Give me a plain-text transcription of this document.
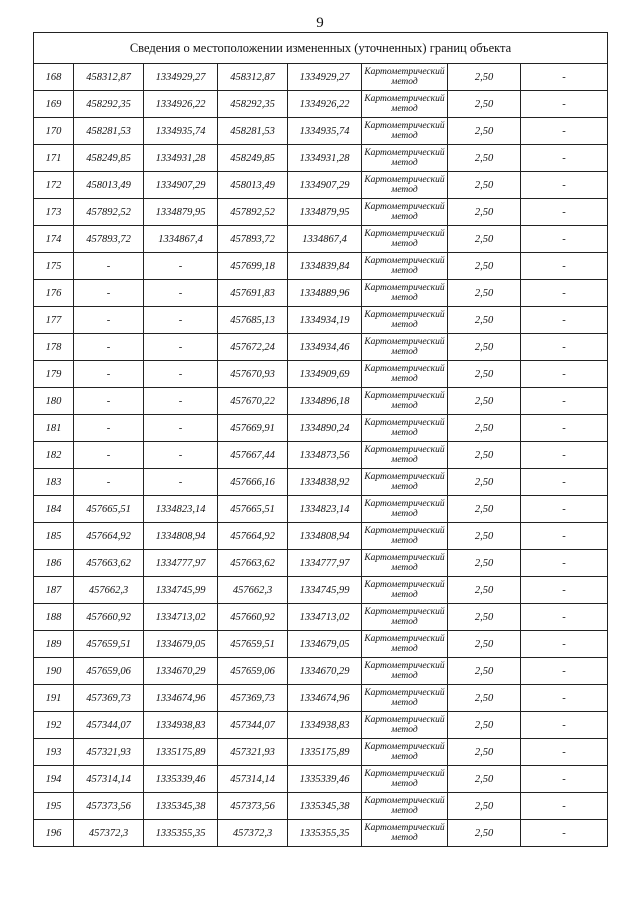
9
Сведения о местоположении измененных (уточненных) границ объекта							
168	458312,87	1334929,27	458312,87	1334929,27	Картометрический
метод	2,50	-
169	458292,35	1334926,22	458292,35	1334926,22	Картометрический
метод	2,50	-
170	458281,53	1334935,74	458281,53	1334935,74	Картометрический
метод	2,50	-
171	458249,85	1334931,28	458249,85	1334931,28	Картометрический
метод	2,50	-
172	458013,49	1334907,29	458013,49	1334907,29	Картометрический
метод	2,50	-
173	457892,52	1334879,95	457892,52	1334879,95	Картометрический
метод	2,50	-
174	457893,72	1334867,4	457893,72	1334867,4	Картометрический
метод	2,50	-
175	-	-	457699,18	1334839,84	Картометрический
метод	2,50	-
176	-	-	457691,83	1334889,96	Картометрический
метод	2,50	-
177	-	-	457685,13	1334934,19	Картометрический
метод	2,50	-
178	-	-	457672,24	1334934,46	Картометрический
метод	2,50	-
179	-	-	457670,93	1334909,69	Картометрический
метод	2,50	-
180	-	-	457670,22	1334896,18	Картометрический
метод	2,50	-
181	-	-	457669,91	1334890,24	Картометрический
метод	2,50	-
182	-	-	457667,44	1334873,56	Картометрический
метод	2,50	-
183	-	-	457666,16	1334838,92	Картометрический
метод	2,50	-
184	457665,51	1334823,14	457665,51	1334823,14	Картометрический
метод	2,50	-
185	457664,92	1334808,94	457664,92	1334808,94	Картометрический
метод	2,50	-
186	457663,62	1334777,97	457663,62	1334777,97	Картометрический
метод	2,50	-
187	457662,3	1334745,99	457662,3	1334745,99	Картометрический
метод	2,50	-
188	457660,92	1334713,02	457660,92	1334713,02	Картометрический
метод	2,50	-
189	457659,51	1334679,05	457659,51	1334679,05	Картометрический
метод	2,50	-
190	457659,06	1334670,29	457659,06	1334670,29	Картометрический
метод	2,50	-
191	457369,73	1334674,96	457369,73	1334674,96	Картометрический
метод	2,50	-
192	457344,07	1334938,83	457344,07	1334938,83	Картометрический
метод	2,50	-
193	457321,93	1335175,89	457321,93	1335175,89	Картометрический
метод	2,50	-
194	457314,14	1335339,46	457314,14	1335339,46	Картометрический
метод	2,50	-
195	457373,56	1335345,38	457373,56	1335345,38	Картометрический
метод	2,50	-
196	457372,3	1335355,35	457372,3	1335355,35	Картометрический
метод	2,50	-
